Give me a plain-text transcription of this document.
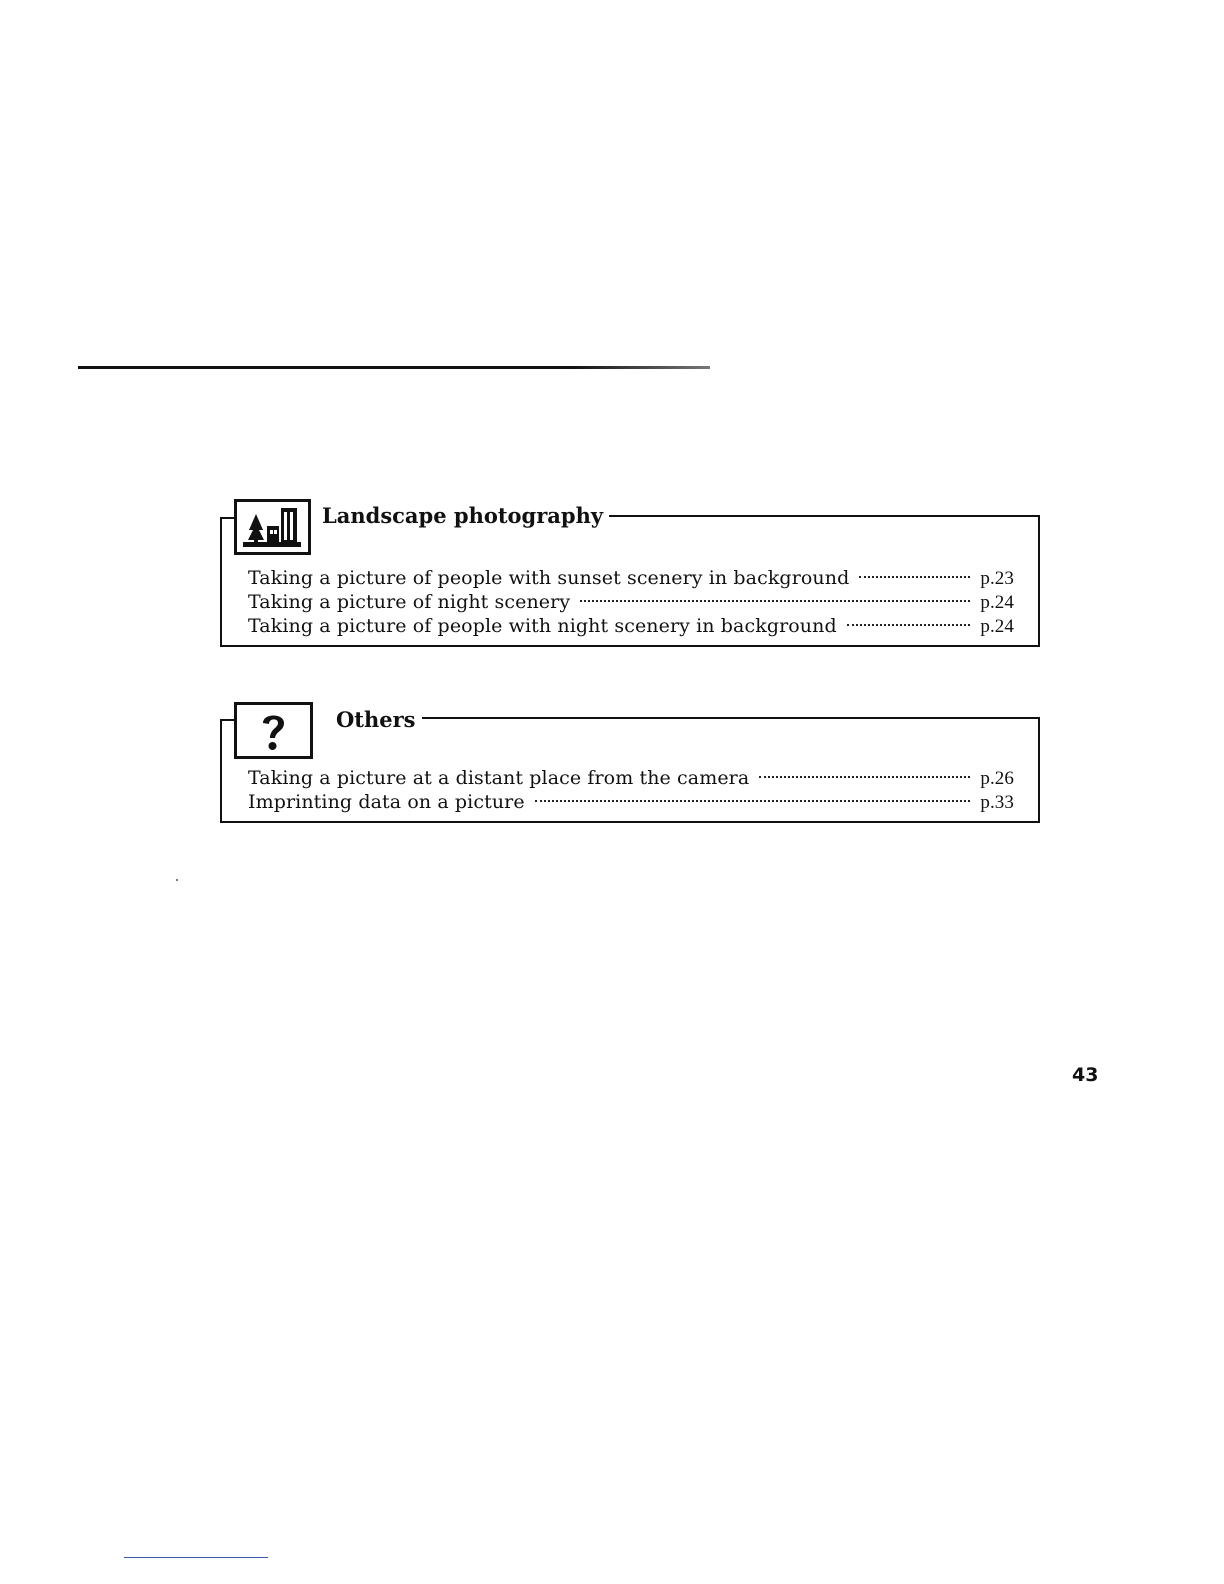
Landscape photography
Taking a picture of people with sunset scenery in background	p.23
Taking a picture of night scenery	p.24
Taking a picture of people with night scenery in background	p.24
Others
Taking a picture at a distant place from the camera	p.26
Imprinting data on a picture	p.33
43
